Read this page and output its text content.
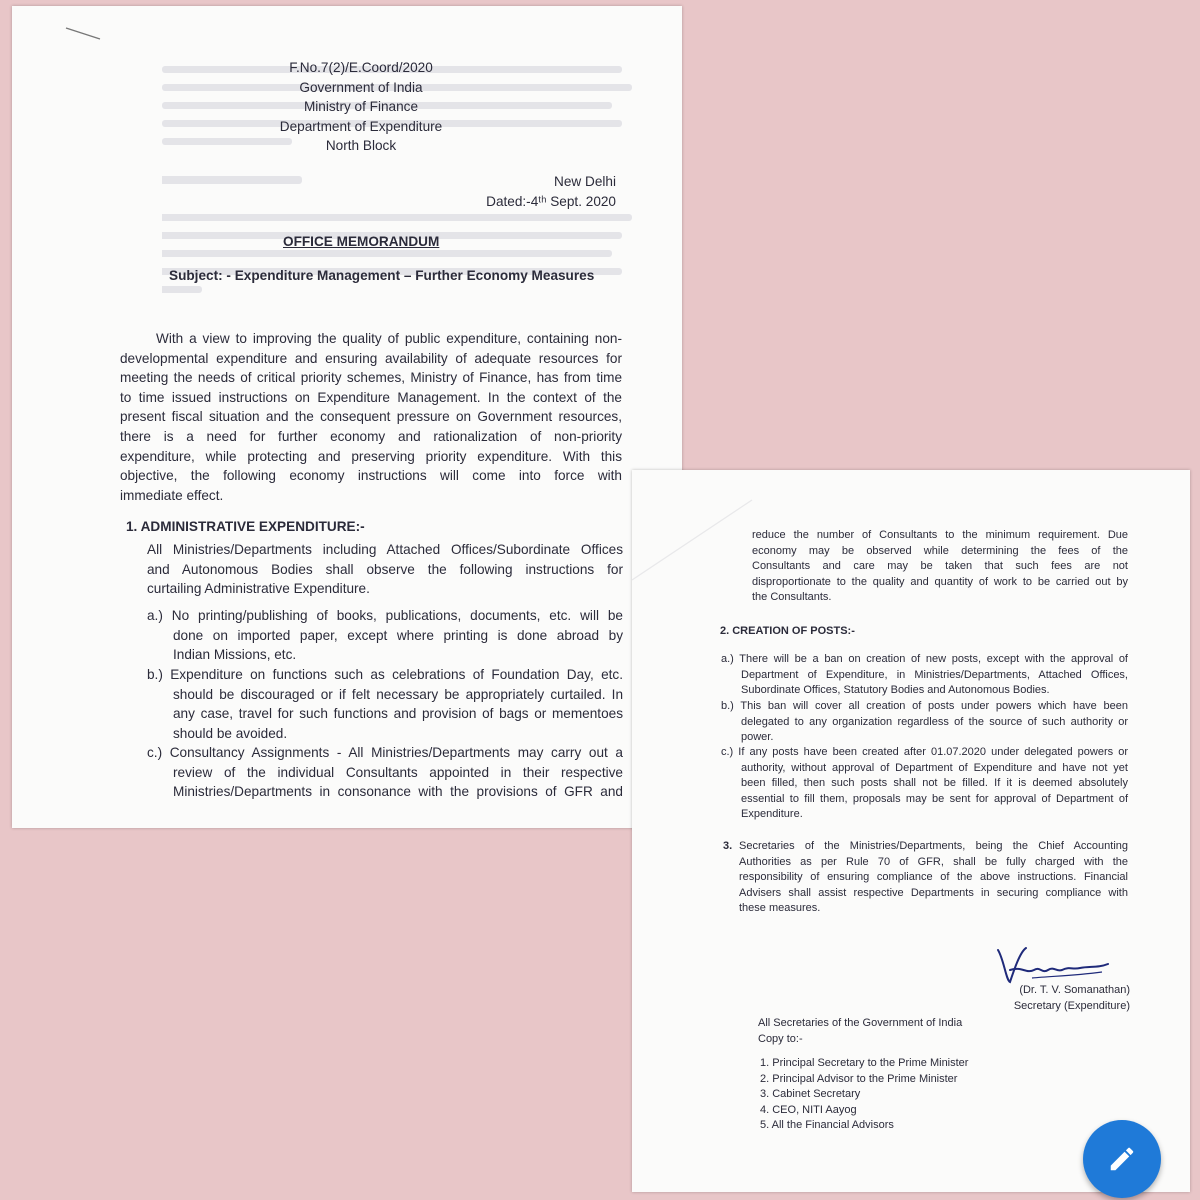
F.No.7(2)/E.Coord/2020
Government of India
Ministry of Finance
Department of Expenditure
North Block
New Delhi
Dated:-4ᵗʰ Sept. 2020
OFFICE MEMORANDUM
Subject: - Expenditure Management – Further Economy Measures
With a view to improving the quality of public expenditure, containing non-
developmental expenditure and ensuring availability of adequate resources for
meeting the needs of critical priority schemes, Ministry of Finance, has from time
to time issued instructions on Expenditure Management. In the context of the
present fiscal situation and the consequent pressure on Government resources,
there is a need for further economy and rationalization of non-priority
expenditure, while protecting and preserving priority expenditure. With this
objective, the following economy instructions will come into force with
immediate effect.
1. ADMINISTRATIVE EXPENDITURE:-
All Ministries/Departments including Attached Offices/Subordinate Offices
and Autonomous Bodies shall observe the following instructions for
curtailing Administrative Expenditure.
a.) No printing/publishing of books, publications, documents, etc. will be
done on imported paper, except where printing is done abroad by
Indian Missions, etc.
b.) Expenditure on functions such as celebrations of Foundation Day, etc.
should be discouraged or if felt necessary be appropriately curtailed. In
any case, travel for such functions and provision of bags or mementoes
should be avoided.
c.) Consultancy Assignments - All Ministries/Departments may carry out a
review of the individual Consultants appointed in their respective
Ministries/Departments in consonance with the provisions of GFR and
reduce the number of Consultants to the minimum requirement. Due
economy may be observed while determining the fees of the
Consultants and care may be taken that such fees are not
disproportionate to the quality and quantity of work to be carried out by
the Consultants.
2. CREATION OF POSTS:-
a.) There will be a ban on creation of new posts, except with the approval of
Department of Expenditure, in Ministries/Departments, Attached Offices,
Subordinate Offices, Statutory Bodies and Autonomous Bodies.
b.) This ban will cover all creation of posts under powers which have been
delegated to any organization regardless of the source of such authority or
power.
c.) If any posts have been created after 01.07.2020 under delegated powers or
authority, without approval of Department of Expenditure and have not yet
been filled, then such posts shall not be filled. If it is deemed absolutely
essential to fill them, proposals may be sent for approval of Department of
Expenditure.
3. Secretaries of the Ministries/Departments, being the Chief Accounting
Authorities as per Rule 70 of GFR, shall be fully charged with the
responsibility of ensuring compliance of the above instructions. Financial
Advisers shall assist respective Departments in securing compliance with
these measures.
(Dr. T. V. Somanathan)
Secretary (Expenditure)
All Secretaries of the Government of India
Copy to:-
1. Principal Secretary to the Prime Minister
2. Principal Advisor to the Prime Minister
3. Cabinet Secretary
4. CEO, NITI Aayog
5. All the Financial Advisors
